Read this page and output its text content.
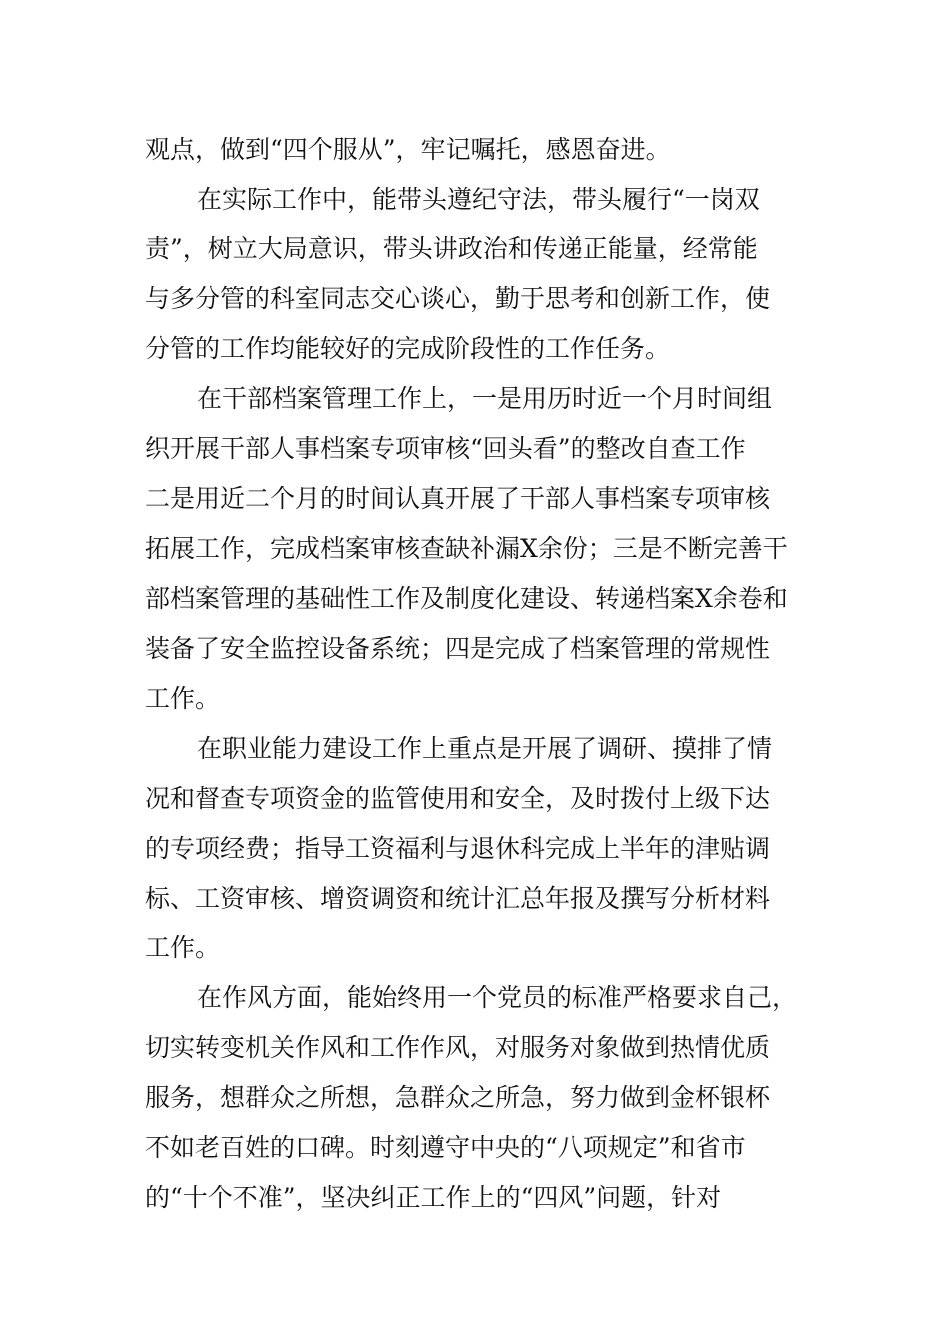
观点，做到“四个服从”，牢记嘱托，感恩奋进。

在实际工作中，能带头遵纪守法，带头履行“一岗双

责”，树立大局意识，带头讲政治和传递正能量，经常能

与多分管的科室同志交心谈心，勤于思考和创新工作，使

分管的工作均能较好的完成阶段性的工作任务。

在干部档案管理工作上，一是用历时近一个月时间组

织开展干部人事档案专项审核“回头看”的整改自查工作

二是用近二个月的时间认真开展了干部人事档案专项审核

拓展工作，完成档案审核查缺补漏X余份；三是不断完善干

部档案管理的基础性工作及制度化建设、转递档案X余卷和

装备了安全监控设备系统；四是完成了档案管理的常规性

工作。

在职业能力建设工作上重点是开展了调研、摸排了情

况和督查专项资金的监管使用和安全，及时拨付上级下达

的专项经费；指导工资福利与退休科完成上半年的津贴调

标、工资审核、增资调资和统计汇总年报及撰写分析材料

工作。

在作风方面，能始终用一个党员的标准严格要求自己，

切实转变机关作风和工作作风，对服务对象做到热情优质

服务，想群众之所想，急群众之所急，努力做到金杯银杯

不如老百姓的口碑。时刻遵守中央的“八项规定”和省市

的“十个不准”，坚决纠正工作上的“四风”问题，针对
